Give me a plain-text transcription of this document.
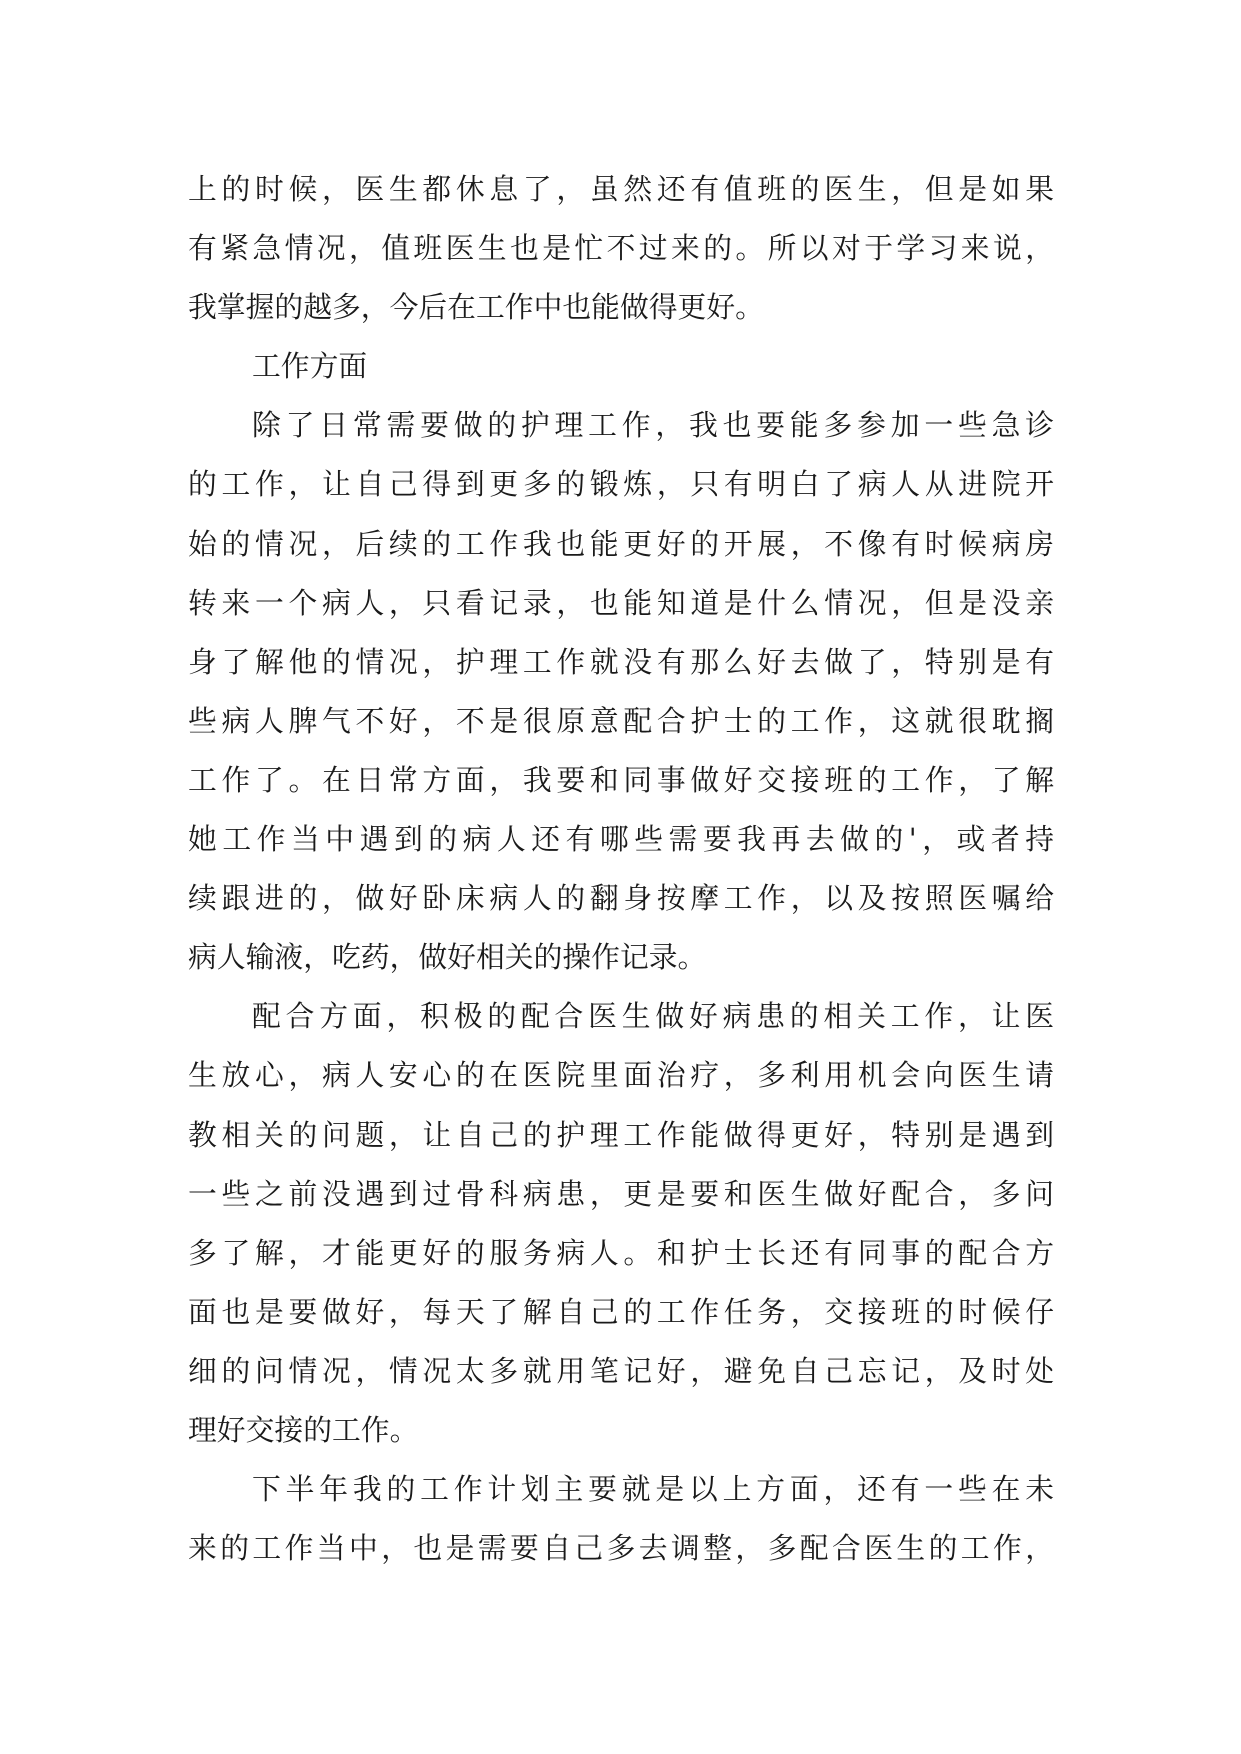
上的时候，医生都休息了，虽然还有值班的医生，但是如果
有紧急情况，值班医生也是忙不过来的。所以对于学习来说，
我掌握的越多，今后在工作中也能做得更好。
工作方面
除了日常需要做的护理工作，我也要能多参加一些急诊
的工作，让自己得到更多的锻炼，只有明白了病人从进院开
始的情况，后续的工作我也能更好的开展，不像有时候病房
转来一个病人，只看记录，也能知道是什么情况，但是没亲
身了解他的情况，护理工作就没有那么好去做了，特别是有
些病人脾气不好，不是很原意配合护士的工作，这就很耽搁
工作了。在日常方面，我要和同事做好交接班的工作，了解
她工作当中遇到的病人还有哪些需要我再去做的'，或者持
续跟进的，做好卧床病人的翻身按摩工作，以及按照医嘱给
病人输液，吃药，做好相关的操作记录。
配合方面，积极的配合医生做好病患的相关工作，让医
生放心，病人安心的在医院里面治疗，多利用机会向医生请
教相关的问题，让自己的护理工作能做得更好，特别是遇到
一些之前没遇到过骨科病患，更是要和医生做好配合，多问
多了解，才能更好的服务病人。和护士长还有同事的配合方
面也是要做好，每天了解自己的工作任务，交接班的时候仔
细的问情况，情况太多就用笔记好，避免自己忘记，及时处
理好交接的工作。
下半年我的工作计划主要就是以上方面，还有一些在未
来的工作当中，也是需要自己多去调整，多配合医生的工作，
